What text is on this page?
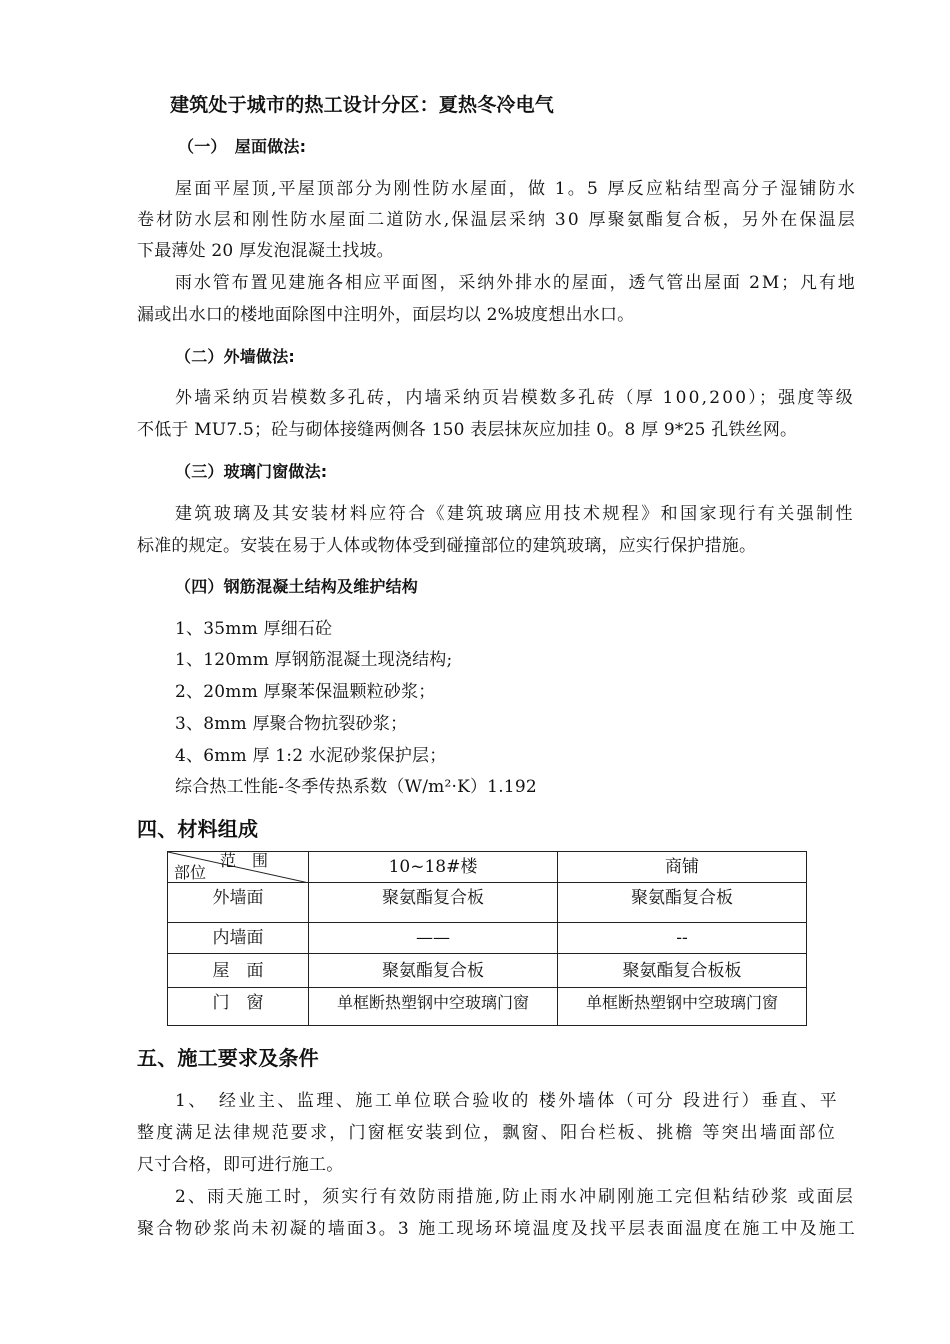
建筑处于城市的热工设计分区：夏热冬冷电气
（一）　屋面做法:
屋面平屋顶,平屋顶部分为刚性防水屋面，做 1。5 厚反应粘结型高分子湿铺防水
卷材防水层和刚性防水屋面二道防水,保温层采纳 30 厚聚氨酯复合板，另外在保温层
下最薄处 20 厚发泡混凝土找坡。
雨水管布置见建施各相应平面图，采纳外排水的屋面，透气管出屋面 2M；凡有地
漏或出水口的楼地面除图中注明外，面层均以 2%坡度想出水口。
（二）外墙做法:
外墙采纳页岩模数多孔砖，内墙采纳页岩模数多孔砖（厚 100,200）；强度等级
不低于 MU7.5；砼与砌体接缝两侧各 150 表层抹灰应加挂 0。8 厚 9*25 孔铁丝网。
（三）玻璃门窗做法:
建筑玻璃及其安装材料应符合《建筑玻璃应用技术规程》和国家现行有关强制性
标准的规定。安装在易于人体或物体受到碰撞部位的建筑玻璃，应实行保护措施。
（四）钢筋混凝土结构及维护结构
1、35mm 厚细石砼
1、120mm 厚钢筋混凝土现浇结构;
2、20mm 厚聚苯保温颗粒砂浆；
3、8mm 厚聚合物抗裂砂浆；
4、6mm 厚 1:2 水泥砂浆保护层；
综合热工性能-冬季传热系数（W/m²·K）1.192
四、材料组成
范　围
部位	10~18#楼	商铺
外墙面	聚氨酯复合板	聚氨酯复合板
内墙面	——	--
屋　面	聚氨酯复合板	聚氨酯复合板板
门　窗	单框断热塑钢中空玻璃门窗	单框断热塑钢中空玻璃门窗
五、施工要求及条件
1、　经业主、监理、施工单位联合验收的 楼外墙体（可分 段进行）垂直、平
整度满足法律规范要求，门窗框安装到位，飘窗、阳台栏板、挑檐 等突出墙面部位
尺寸合格，即可进行施工。
2、雨天施工时，须实行有效防雨措施,防止雨水冲刷刚施工完但粘结砂浆 或面层
聚合物砂浆尚未初凝的墙面3。3 施工现场环境温度及找平层表面温度在施工中及施工
